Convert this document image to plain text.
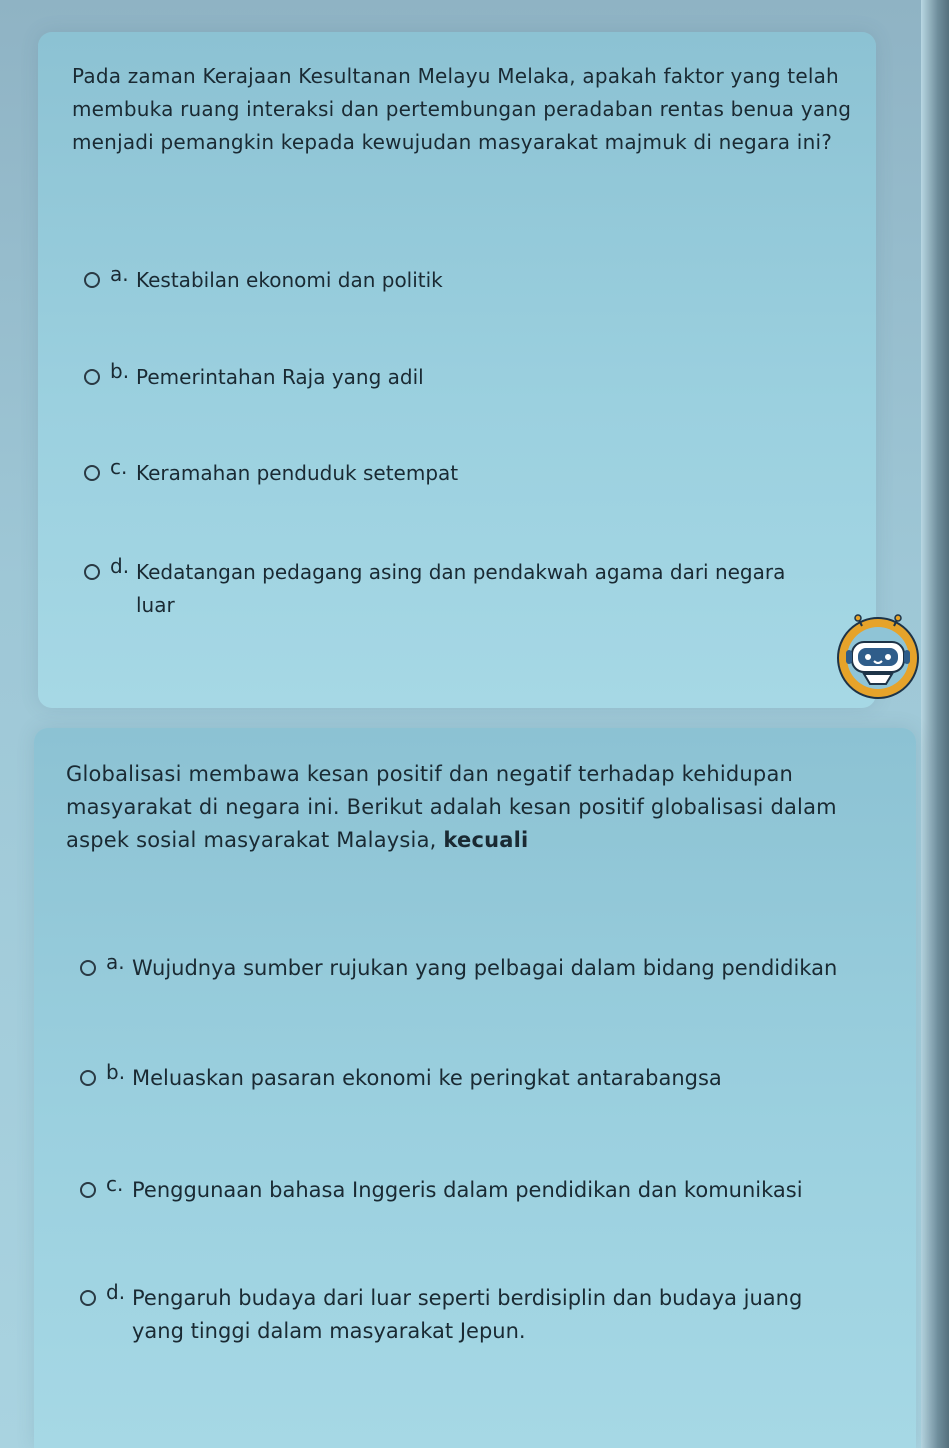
Pada zaman Kerajaan Kesultanan Melayu Melaka, apakah faktor yang telah membuka ruang interaksi dan pertembungan peradaban rentas benua yang menjadi pemangkin kepada kewujudan masyarakat majmuk di negara ini?
a. Kestabilan ekonomi dan politik
b. Pemerintahan Raja yang adil
c. Keramahan penduduk setempat
d. Kedatangan pedagang asing dan pendakwah agama dari negara luar
Globalisasi membawa kesan positif dan negatif terhadap kehidupan masyarakat di negara ini. Berikut adalah kesan positif globalisasi dalam aspek sosial masyarakat Malaysia, kecuali
a. Wujudnya sumber rujukan yang pelbagai dalam bidang pendidikan
b. Meluaskan pasaran ekonomi ke peringkat antarabangsa
c. Penggunaan bahasa Inggeris dalam pendidikan dan komunikasi
d. Pengaruh budaya dari luar seperti berdisiplin dan budaya juang yang tinggi dalam masyarakat Jepun.
